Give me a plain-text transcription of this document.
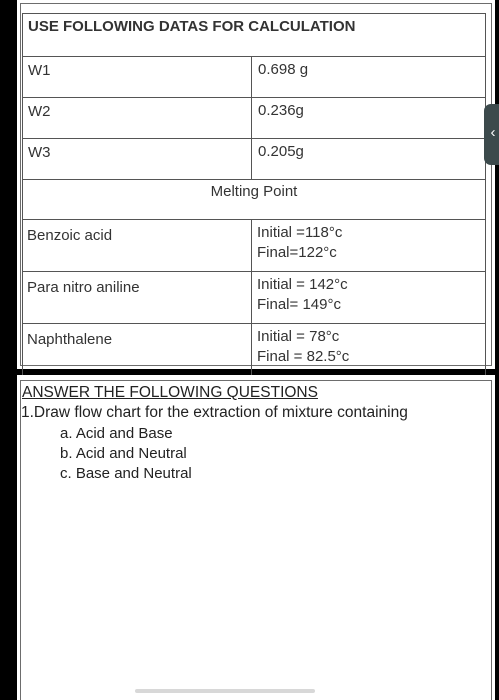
USE FOLLOWING DATAS FOR CALCULATION	
W1	0.698 g
W2	0.236g
W3	0.205g
Melting Point	
Benzoic acid	Initial =118°c
Final=122°c

Para nitro aniline	Initial = 142°c
Final= 149°c

Naphthalene	Initial = 78°c
Final = 82.5°c
‹
ANSWER THE FOLLOWING QUESTIONS

1.Draw flow chart for the extraction of mixture containing

a. Acid and Base
b. Acid and Neutral
c. Base and Neutral
